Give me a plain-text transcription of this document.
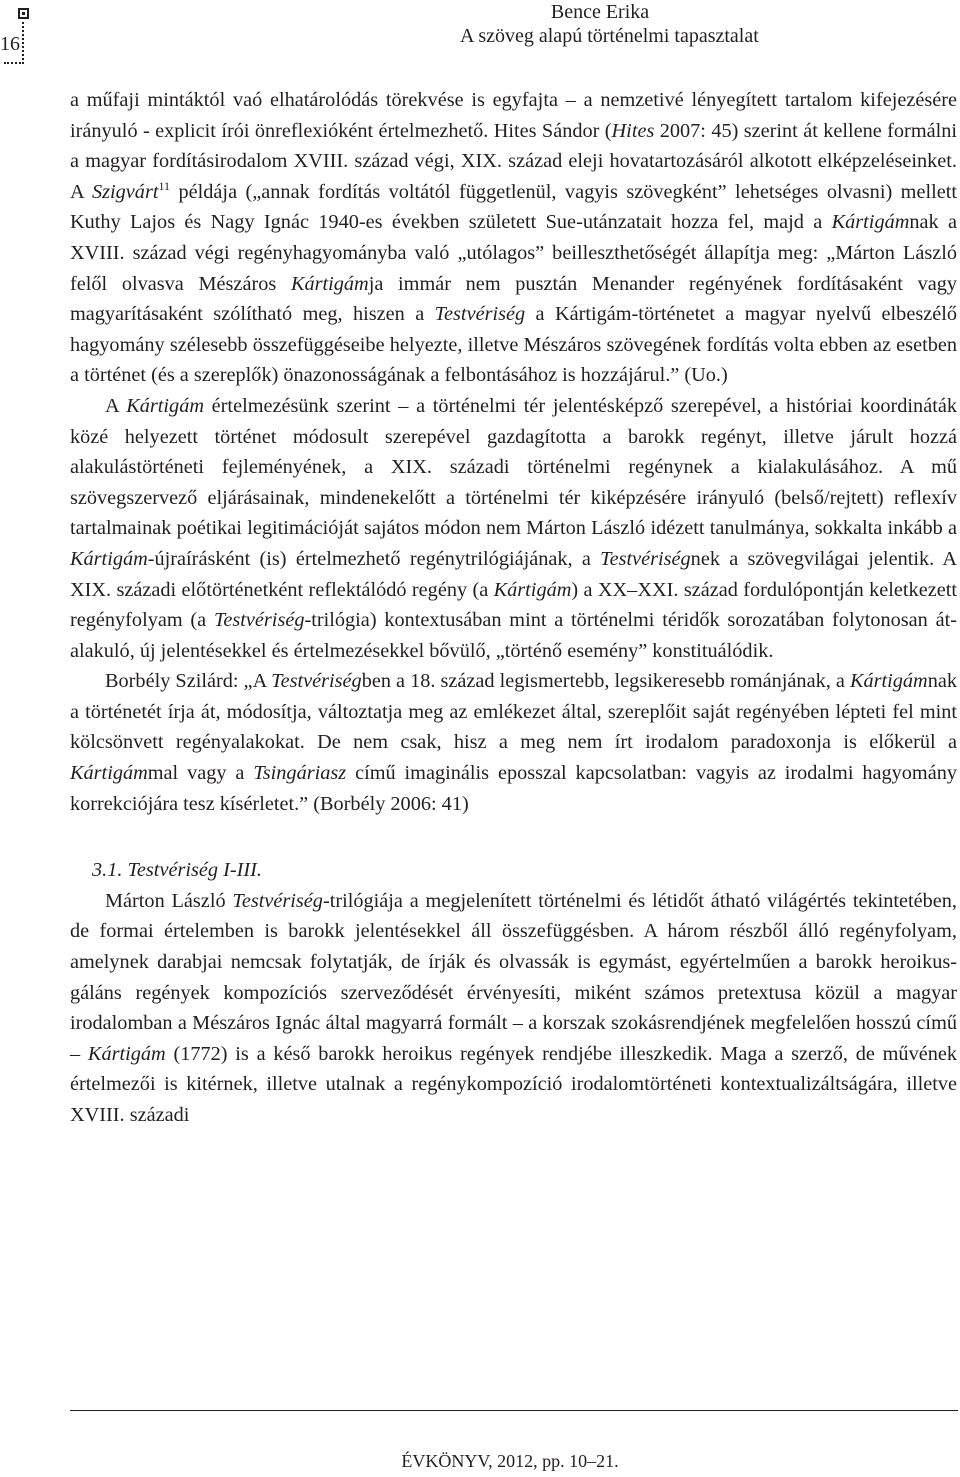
16
Bence Erika
A szöveg alapú történelmi tapasztalat

a műfaji mintáktól vaó elhatárolódás törekvése is egyfajta – a nemzetivé lényegített tartalom kifejezésére irányuló - explicit írói önreflexióként értelmezhető. Hites Sándor (Hites 2007: 45) szerint át kellene formálni a magyar fordításirodalom XVIII. század végi, XIX. század eleji hovatartozásáról alkotott elképzeléseinket. A Szigvárt$^{11}$ példája („annak fordítás voltától függetlenül, vagyis szövegként” lehetséges olvasni) mellett Kuthy Lajos és Nagy Ignác 1940-es években született Sue-utánzatait hozza fel, majd a Kártigámnak a XVIII. század végi regényhagyományba való „utólagos” beilleszthetőségét állapítja meg: „Márton László felől olvasva Mészáros Kártigámja immár nem pusztán Menander regényének fordításaként vagy magyarításaként szólítható meg, hiszen a Testvériség a Kártigám-történetet a magyar nyelvű elbeszélő hagyomány szélesebb összefüggéseibe helyezte, illetve Mészáros szövegének fordítás volta ebben az esetben a történet (és a szereplők) önazonosságának a felbontásához is hozzájárul.” (Uo.)

A Kártigám értelmezésünk szerint – a történelmi tér jelentésképző szerepével, a históriai koordináták közé helyezett történet módosult szerepével gazdagította a barokk regényt, illetve járult hozzá alakulástörténeti fejleményének, a XIX. századi történelmi regénynek a kialakulásához. A mű szövegszervező eljárásainak, mindenekelőtt a történelmi tér kiképzésére irányuló (belső/rejtett) reflexív tartalmainak poétikai legitimációját sajátos módon nem Márton László idézett tanulmánya, sokkalta inkább a Kártigám-újraírásként (is) értelmezhető regénytrilógiájának, a Testvériségnek a szövegvilágai jelentik. A XIX. századi előtörténetként reflektálódó regény (a Kártigám) a XX–XXI. század fordulópontján keletkezett regényfolyam (a Testvériség-trilógia) kontextusában mint a történelmi téridők sorozatában folytonosan át-alakuló, új jelentésekkel és értelmezésekkel bővülő, „történő esemény” konstituálódik.

Borbély Szilárd: „A Testvériségben a 18. század legismertebb, legsikeresebb románjának, a Kártigámnak a történetét írja át, módosítja, változtatja meg az emlékezet által, szereplőit saját regényében lépteti fel mint kölcsönvett regényalakokat. De nem csak, hisz a meg nem írt irodalom paradoxonja is előkerül a Kártigámmal vagy a Tsingáriasz című imaginális eposszal kapcsolatban: vagyis az irodalmi hagyomány korrekciójára tesz kísérletet.” (Borbély 2006: 41)

3.1. Testvériség I-III.

Márton László Testvériség-trilógiája a megjelenített történelmi és létidőt átható világértés tekintetében, de formai értelemben is barokk jelentésekkel áll összefüggésben. A három részből álló regényfolyam, amelynek darabjai nemcsak folytatják, de írják és olvassák is egymást, egyértelműen a barokk heroikus-gáláns regények kompozíciós szerveződését érvényesíti, miként számos pretextusa közül a magyar irodalomban a Mészáros Ignác által magyarrá formált – a korszak szokásrendjének megfelelően hosszú című – Kártigám (1772) is a késő barokk heroikus regények rendjébe illeszkedik. Maga a szerző, de művének értelmezői is kitérnek, illetve utalnak a regénykompozíció irodalomtörténeti kontextualizáltságára, illetve XVIII. századi

ÉVKÖNYV, 2012, pp. 10–21.
